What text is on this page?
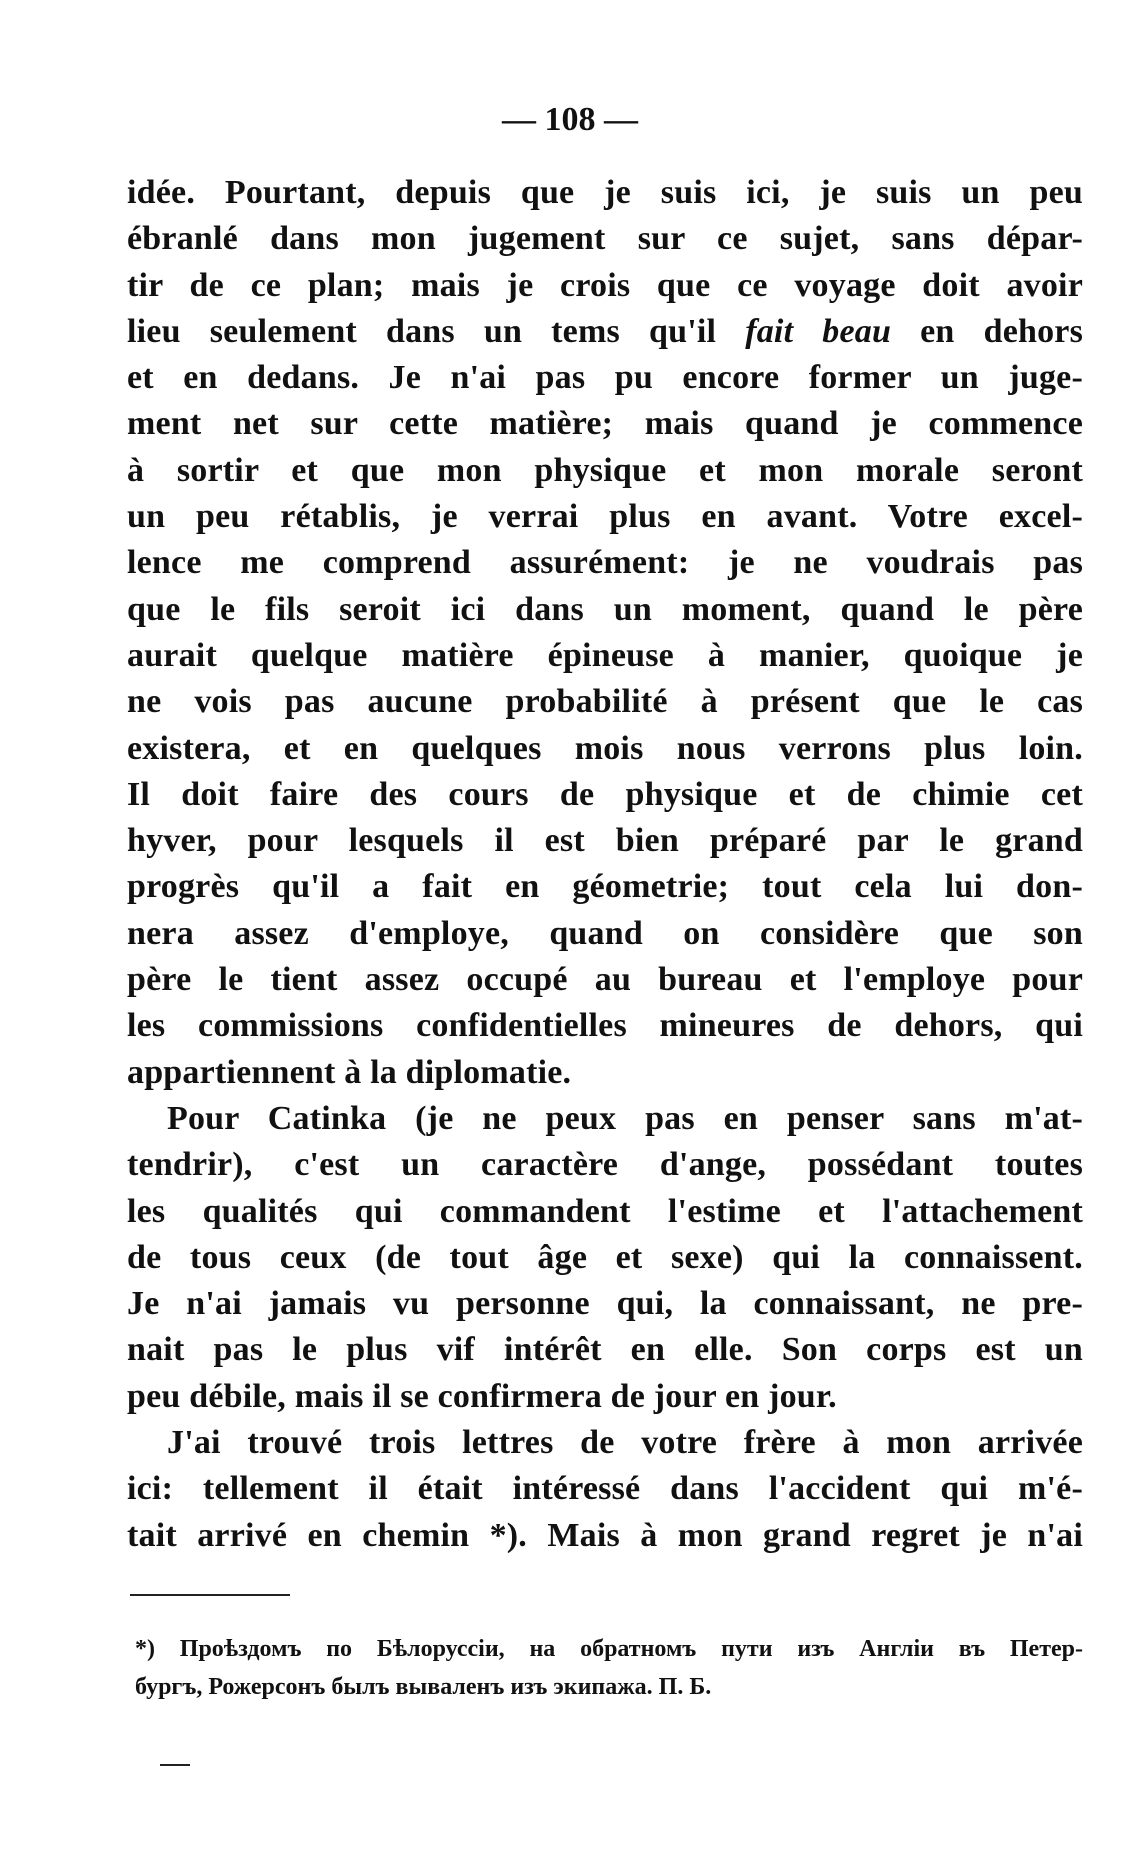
— 108 —
idée. Pourtant, depuis que je suis ici, je suis un peu
ébranlé dans mon jugement sur ce sujet, sans dépar-
tir de ce plan; mais je crois que ce voyage doit avoir
lieu seulement dans un tems qu'il fait beau en dehors
et en dedans. Je n'ai pas pu encore former un juge-
ment net sur cette matière; mais quand je commence
à sortir et que mon physique et mon morale seront
un peu rétablis, je verrai plus en avant. Votre excel-
lence me comprend assurément: je ne voudrais pas
que le fils seroit ici dans un moment, quand le père
aurait quelque matière épineuse à manier, quoique je
ne vois pas aucune probabilité à présent que le cas
existera, et en quelques mois nous verrons plus loin.
Il doit faire des cours de physique et de chimie cet
hyver, pour lesquels il est bien préparé par le grand
progrès qu'il a fait en géometrie; tout cela lui don-
nera assez d'employe, quand on considère que son
père le tient assez occupé au bureau et l'employe pour
les commissions confidentielles mineures de dehors, qui
appartiennent à la diplomatie.
Pour Catinka (je ne peux pas en penser sans m'at-
tendrir), c'est un caractère d'ange, possédant toutes
les qualités qui commandent l'estime et l'attachement
de tous ceux (de tout âge et sexe) qui la connaissent.
Je n'ai jamais vu personne qui, la connaissant, ne pre-
nait pas le plus vif intérêt en elle. Son corps est un
peu débile, mais il se confirmera de jour en jour.
J'ai trouvé trois lettres de votre frère à mon arrivée
ici: tellement il était intéressé dans l'accident qui m'é-
tait arrivé en chemin *). Mais à mon grand regret je n'ai
*) Проѣздомъ по Бѣлоруссіи, на обратномъ пути изъ Англіи въ Петер-
бургъ, Рожерсонъ былъ вываленъ изъ экипажа. П. Б.
